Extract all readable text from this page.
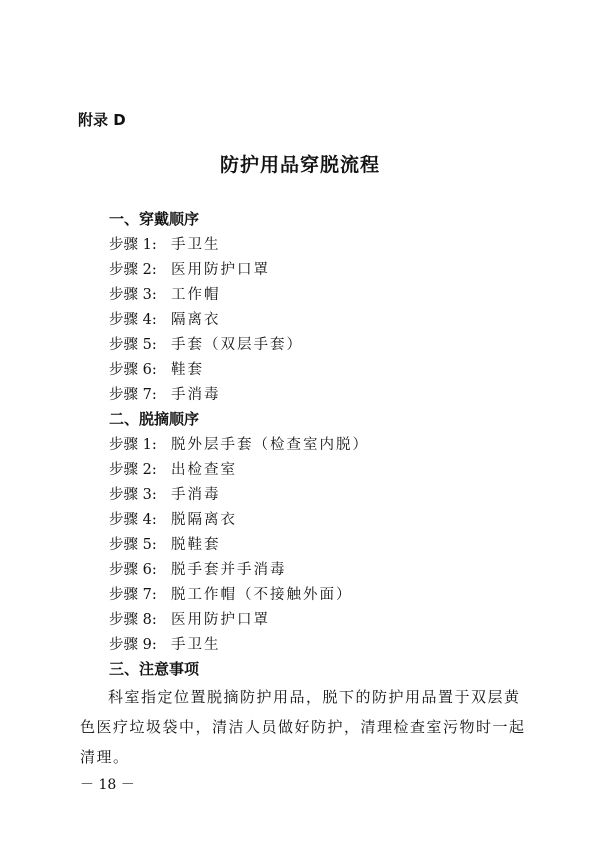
附录 D
防护用品穿脱流程
一、穿戴顺序
步骤 1: 手卫生
步骤 2: 医用防护口罩
步骤 3: 工作帽
步骤 4: 隔离衣
步骤 5: 手套（双层手套）
步骤 6: 鞋套
步骤 7: 手消毒
二、脱摘顺序
步骤 1: 脱外层手套（检查室内脱）
步骤 2: 出检查室
步骤 3: 手消毒
步骤 4: 脱隔离衣
步骤 5: 脱鞋套
步骤 6: 脱手套并手消毒
步骤 7: 脱工作帽（不接触外面）
步骤 8: 医用防护口罩
步骤 9: 手卫生
三、注意事项
科室指定位置脱摘防护用品，脱下的防护用品置于双层黄色医疗垃圾袋中，清洁人员做好防护，清理检查室污物时一起清理。
－ 18 －
